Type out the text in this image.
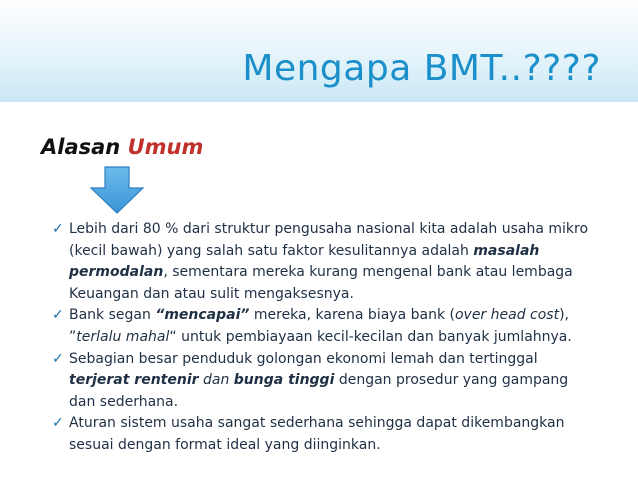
Mengapa BMT..????
Alasan Umum
✓ Lebih dari 80 % dari struktur pengusaha nasional kita adalah usaha mikro (kecil bawah) yang salah satu faktor kesulitannya adalah masalah permodalan, sementara mereka kurang mengenal bank atau lembaga Keuangan dan atau sulit mengaksesnya.
✓ Bank segan “mencapai” mereka, karena biaya bank (over head cost), ”terlalu mahal“ untuk pembiayaan kecil-kecilan dan banyak jumlahnya.
✓ Sebagian besar penduduk golongan ekonomi lemah dan tertinggal terjerat rentenir dan bunga tinggi dengan prosedur yang gampang dan sederhana.
✓ Aturan sistem usaha sangat sederhana sehingga dapat dikembangkan sesuai dengan format ideal yang diinginkan.
